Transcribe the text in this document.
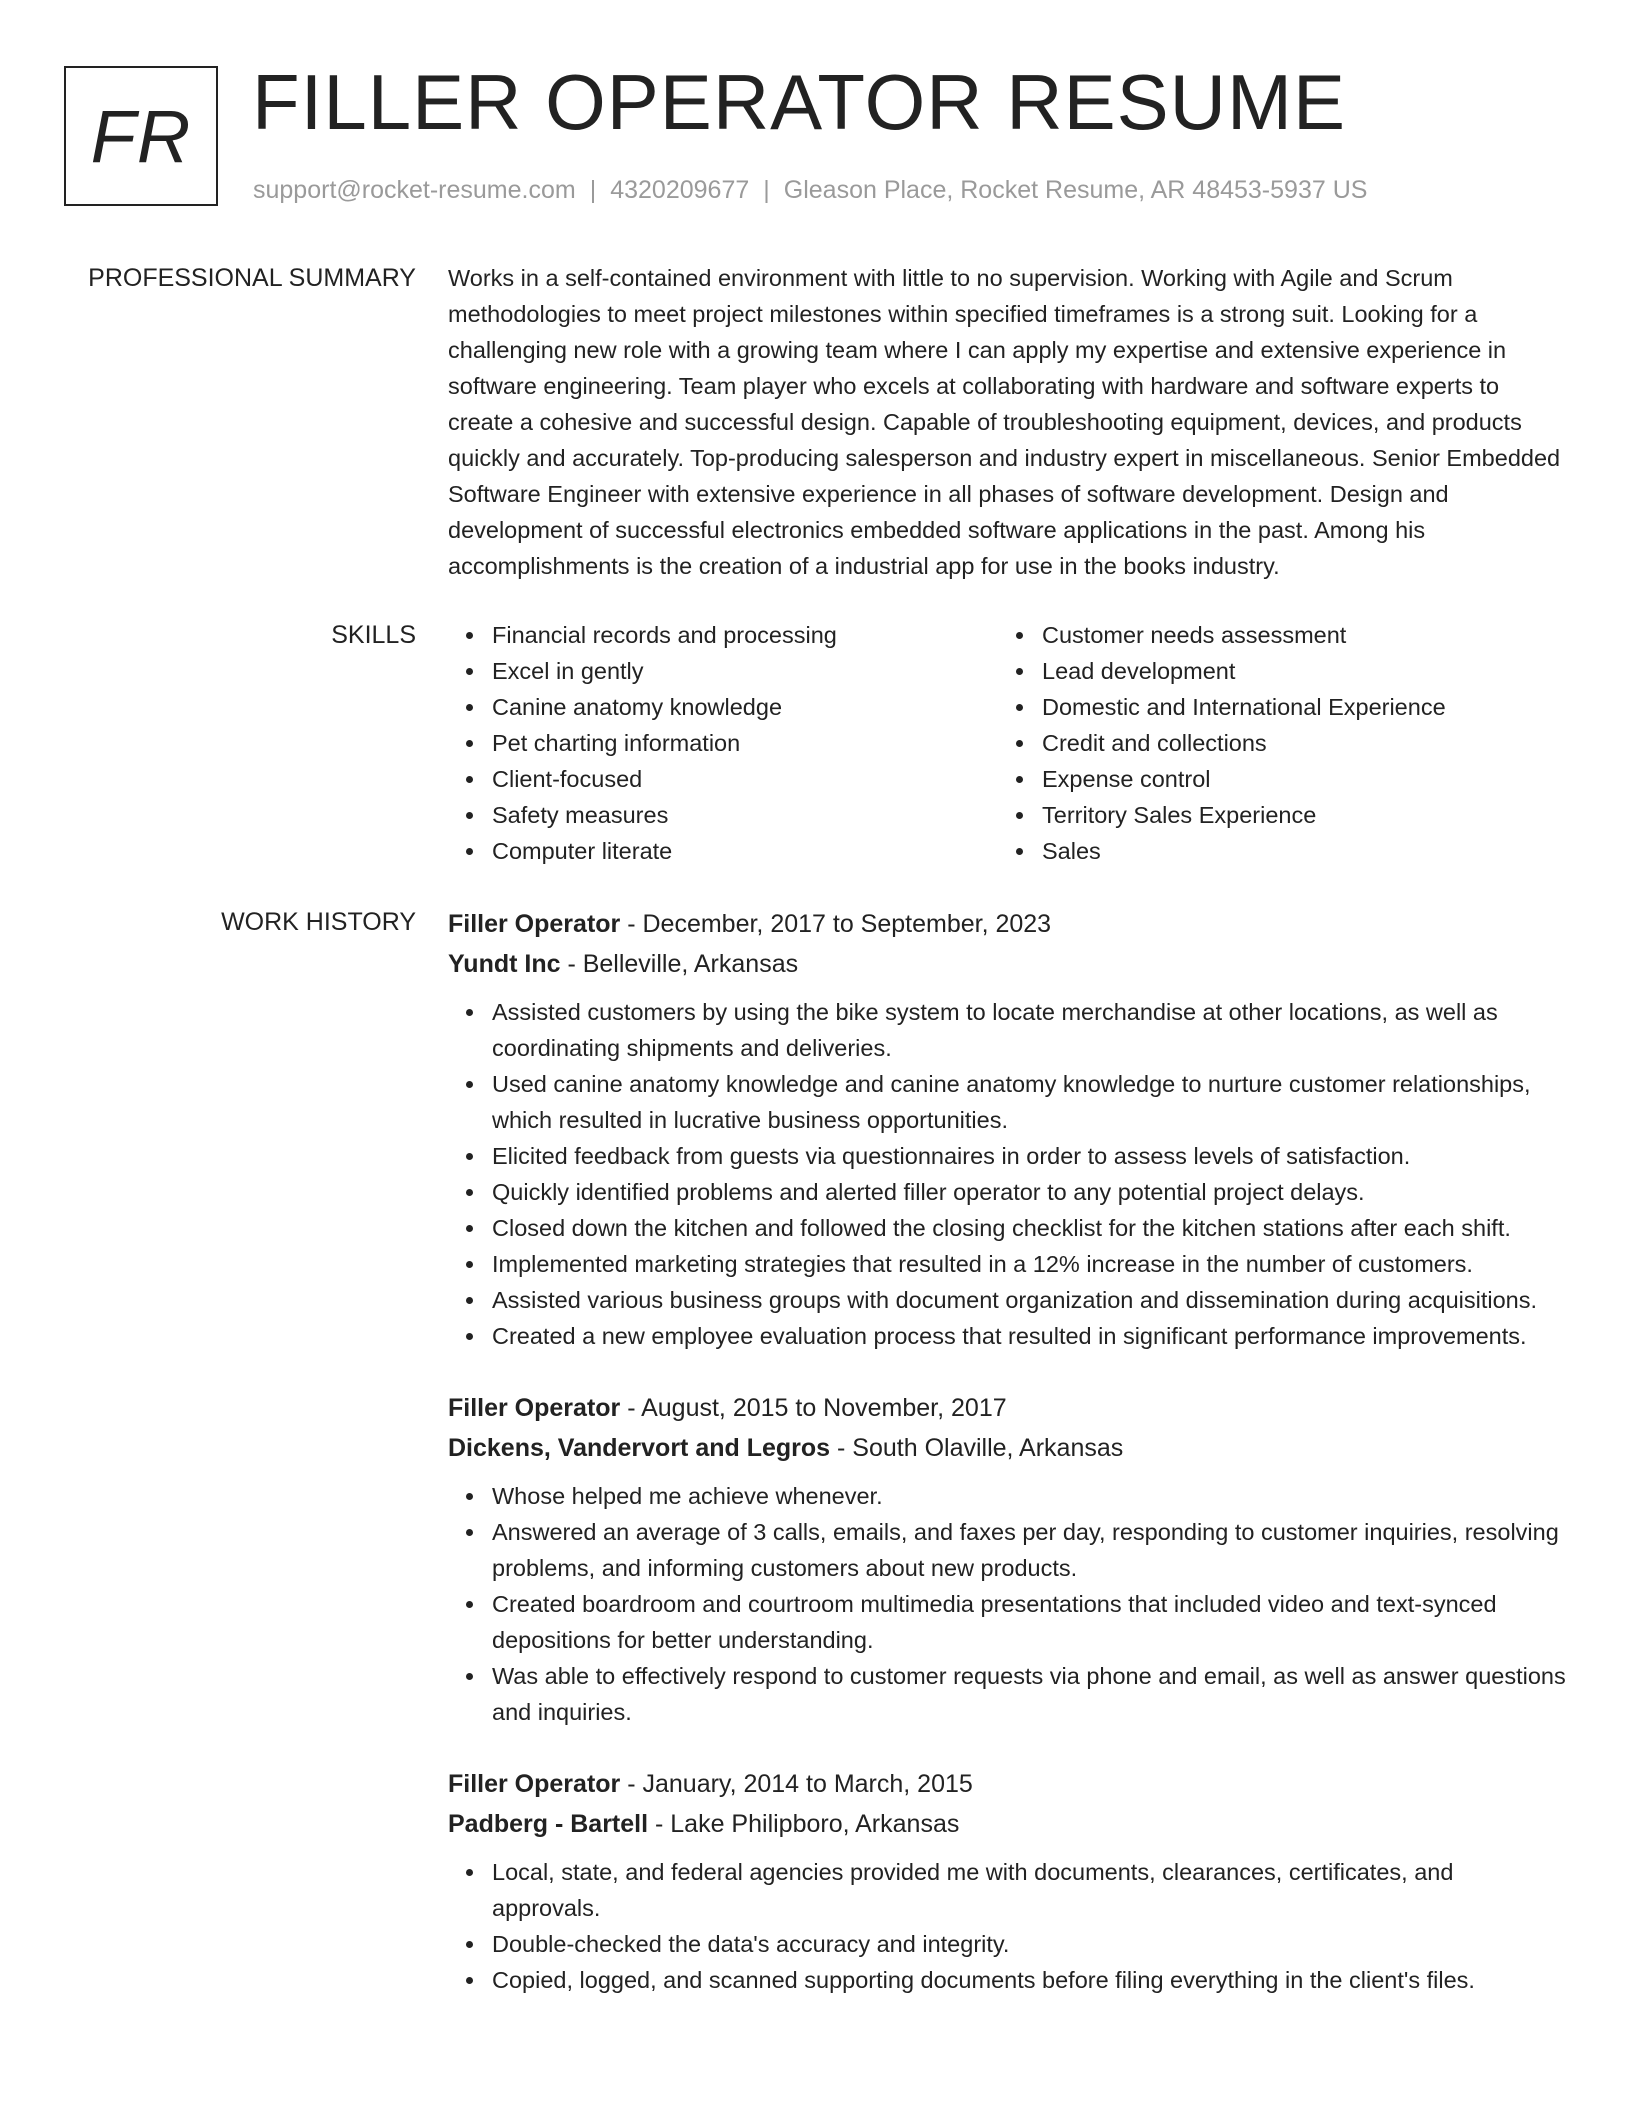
FR FILLER OPERATOR RESUME
support@rocket-resume.com | 4320209677 | Gleason Place, Rocket Resume, AR 48453-5937 US
PROFESSIONAL SUMMARY Works in a self-contained environment with little to no supervision. Working with Agile and Scrum methodologies to meet project milestones within specified timeframes is a strong suit. Looking for a challenging new role with a growing team where I can apply my expertise and extensive experience in software engineering. Team player who excels at collaborating with hardware and software experts to create a cohesive and successful design. Capable of troubleshooting equipment, devices, and products quickly and accurately. Top-producing salesperson and industry expert in miscellaneous. Senior Embedded Software Engineer with extensive experience in all phases of software development. Design and development of successful electronics embedded software applications in the past. Among his accomplishments is the creation of a industrial app for use in the books industry.

SKILLS	Financial records and processing
Excel in gently
Canine anatomy knowledge
Pet charting information
Client-focused
Safety measures
Computer literate
Customer needs assessment
Lead development
Domestic and International Experience
Credit and collections
Expense control
Territory Sales Experience
Sales
WORK HISTORY Filler Operator - December, 2017 to September, 2023
Yundt Inc - Belleville, Arkansas
Assisted customers by using the bike system to locate merchandise at other locations, as well as coordinating shipments and deliveries.
Used canine anatomy knowledge and canine anatomy knowledge to nurture customer relationships, which resulted in lucrative business opportunities.
Elicited feedback from guests via questionnaires in order to assess levels of satisfaction.
Quickly identified problems and alerted filler operator to any potential project delays.
Closed down the kitchen and followed the closing checklist for the kitchen stations after each shift.
Implemented marketing strategies that resulted in a 12% increase in the number of customers.
Assisted various business groups with document organization and dissemination during acquisitions.
Created a new employee evaluation process that resulted in significant performance improvements.
Filler Operator - August, 2015 to November, 2017
Dickens, Vandervort and Legros - South Olaville, Arkansas
Whose helped me achieve whenever.
Answered an average of 3 calls, emails, and faxes per day, responding to customer inquiries, resolving problems, and informing customers about new products.
Created boardroom and courtroom multimedia presentations that included video and text-synced depositions for better understanding.
Was able to effectively respond to customer requests via phone and email, as well as answer questions and inquiries.
Filler Operator - January, 2014 to March, 2015
Padberg - Bartell - Lake Philipboro, Arkansas
Local, state, and federal agencies provided me with documents, clearances, certificates, and approvals.
Double-checked the data's accuracy and integrity.
Copied, logged, and scanned supporting documents before filing everything in the client's files.
